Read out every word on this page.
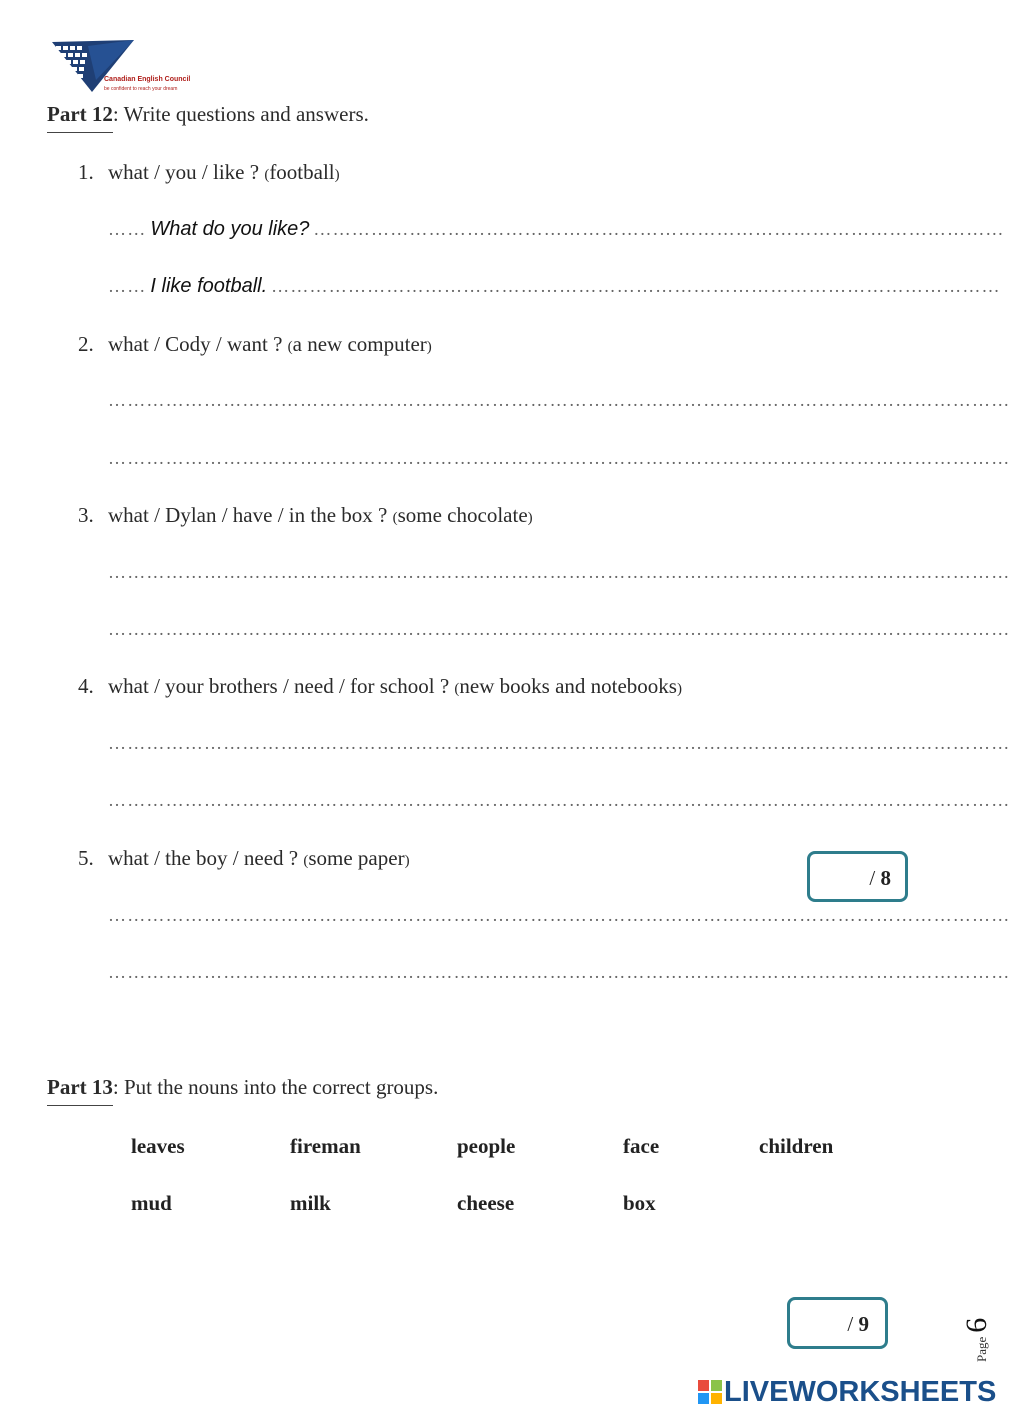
Canadian English Council
be confident to reach your dream
Part 12: Write questions and answers.
1. what / you / like ? (football)
…… What do you like? ………………………………………………………………………………………………
…… I like football. ……………………………………………………………………………………………………
2. what / Cody / want ? (a new computer)
……………………………………………………………………………………………………………………………
……………………………………………………………………………………………………………………………
3. what / Dylan / have / in the box ? (some chocolate)
……………………………………………………………………………………………………………………………
……………………………………………………………………………………………………………………………
4. what / your brothers / need / for school ? (new books and notebooks)
……………………………………………………………………………………………………………………………
……………………………………………………………………………………………………………………………
5. what / the boy / need ? (some paper)
/ 8
……………………………………………………………………………………………………………………………
……………………………………………………………………………………………………………………………
Part 13: Put the nouns into the correct groups.
leaves	fireman	people	face	children
mud	milk	cheese	box
/ 9
Page 6
LIVEWORKSHEETS
